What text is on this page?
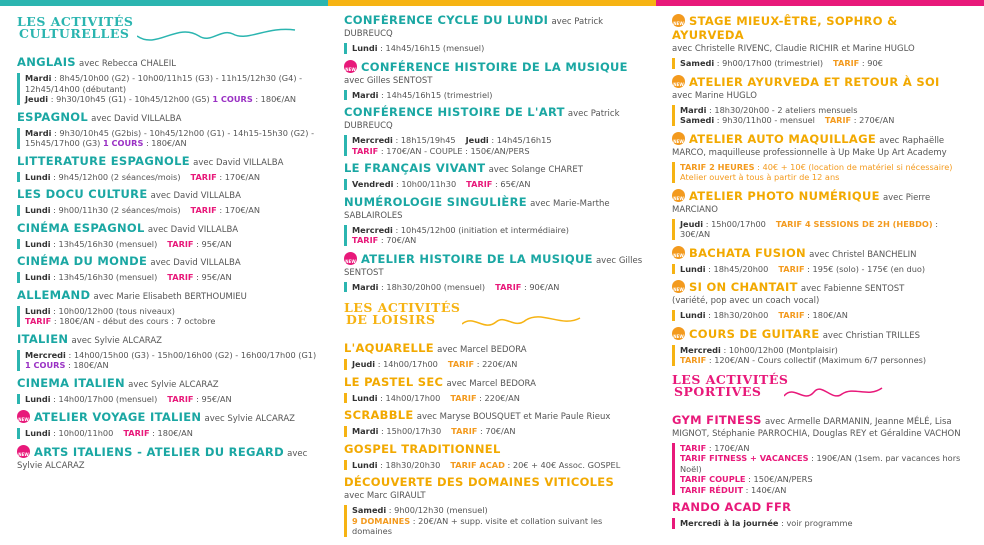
LES ACTIVITÉS
CULTURELLES
ANGLAIS avec Rebecca CHALEIL
Mardi : 8h45/10h00 (G2) - 10h00/11h15 (G3) - 11h15/12h30 (G4) - 12h45/14h00 (débutant)
Jeudi : 9h30/10h45 (G1) - 10h45/12h00 (G5) 1 COURS : 180€/AN
ESPAGNOL avec David VILLALBA
Mardi : 9h30/10h45 (G2bis) - 10h45/12h00 (G1) - 14h15-15h30 (G2) - 15h45/17h00 (G3) 1 COURS : 180€/AN
LITTERATURE ESPAGNOLE avec David VILLALBA
Lundi : 9h45/12h00 (2 séances/mois) TARIF : 170€/AN
LES DOCU CULTURE avec David VILLALBA
Lundi : 9h00/11h30 (2 séances/mois) TARIF : 170€/AN
CINÉMA ESPAGNOL avec David VILLALBA
Lundi : 13h45/16h30 (mensuel) TARIF : 95€/AN
CINÉMA DU MONDE avec David VILLALBA
Lundi : 13h45/16h30 (mensuel) TARIF : 95€/AN
ALLEMAND avec Marie Elisabeth BERTHOUMIEU
Lundi : 10h00/12h00 (tous niveaux)
TARIF : 180€/AN - début des cours : 7 octobre
ITALIEN avec Sylvie ALCARAZ
Mercredi : 14h00/15h00 (G3) - 15h00/16h00 (G2) - 16h00/17h00 (G1)
1 COURS : 180€/AN
CINEMA ITALIEN avec Sylvie ALCARAZ
Lundi : 14h00/17h00 (mensuel) TARIF : 95€/AN
NEWATELIER VOYAGE ITALIEN avec Sylvie ALCARAZ
Lundi : 10h00/11h00 TARIF : 180€/AN
NEWARTS ITALIENS - ATELIER DU REGARD avec Sylvie ALCARAZ
CONFÉRENCE CYCLE DU LUNDI avec Patrick DUBREUCQ
Lundi : 14h45/16h15 (mensuel)
NEWCONFÉRENCE HISTOIRE DE LA MUSIQUE avec Gilles SENTOST
Mardi : 14h45/16h15 (trimestriel)
CONFÉRENCE HISTOIRE DE L'ART avec Patrick DUBREUCQ
Mercredi : 18h15/19h45 Jeudi : 14h45/16h15
TARIF : 170€/AN - COUPLE : 150€/AN/PERS
LE FRANÇAIS VIVANT avec Solange CHARET
Vendredi : 10h00/11h30 TARIF : 65€/AN
NUMÉROLOGIE SINGULIÈRE avec Marie-Marthe SABLAIROLES
Mercredi : 10h45/12h00 (initiation et intermédiaire)
TARIF : 70€/AN
NEWATELIER HISTOIRE DE LA MUSIQUE avec Gilles SENTOST
Mardi : 18h30/20h00 (mensuel) TARIF : 90€/AN
LES ACTIVITÉS
DE LOISIRS
L'AQUARELLE avec Marcel BEDORA
Jeudi : 14h00/17h00 TARIF : 220€/AN
LE PASTEL SEC avec Marcel BEDORA
Lundi : 14h00/17h00 TARIF : 220€/AN
SCRABBLE avec Maryse BOUSQUET et Marie Paule Rieux
Mardi : 15h00/17h30 TARIF : 70€/AN
GOSPEL TRADITIONNEL
Lundi : 18h30/20h30 TARIF ACAD : 20€ + 40€ Assoc. GOSPEL
DÉCOUVERTE DES DOMAINES VITICOLES
avec Marc GIRAULT
Samedi : 9h00/12h30 (mensuel)
9 DOMAINES : 20€/AN + supp. visite et collation suivant les domaines
NEWSTAGE MIEUX-ÊTRE, SOPHRO & AYURVEDA
avec Christelle RIVENC, Claudie RICHIR et Marine HUGLO
Samedi : 9h00/17h00 (trimestriel) TARIF : 90€
NEWATELIER AYURVEDA ET RETOUR À SOI
avec Marine HUGLO
Mardi : 18h30/20h00 - 2 ateliers mensuels
Samedi : 9h30/11h00 - mensuel TARIF : 270€/AN
NEWATELIER AUTO MAQUILLAGE avec Raphaëlle MARCO, maquilleuse professionnelle à Up Make Up Art Academy
TARIF 2 HEURES : 40€ + 10€ (location de matériel si nécessaire)
Atelier ouvert à tous à partir de 12 ans
NEWATELIER PHOTO NUMÉRIQUE avec Pierre MARCIANO
Jeudi : 15h00/17h00 TARIF 4 SESSIONS DE 2H (HEBDO) : 30€/AN
NEWBACHATA FUSION avec Christel BANCHELIN
Lundi : 18h45/20h00 TARIF : 195€ (solo) - 175€ (en duo)
NEWSI ON CHANTAIT avec Fabienne SENTOST
(variété, pop avec un coach vocal)
Lundi : 18h30/20h00 TARIF : 180€/AN
NEWCOURS DE GUITARE avec Christian TRILLES
Mercredi : 10h00/12h00 (Montplaisir)
TARIF : 120€/AN - Cours collectif (Maximum 6/7 personnes)
LES ACTIVITÉS
SPORTIVES
GYM FITNESS avec Armelle DARMANIN, Jeanne MÉLÉ, Lisa MIGNOT, Stéphanie PARROCHIA, Douglas REY et Géraldine VACHON
TARIF : 170€/AN
TARIF FITNESS + VACANCES : 190€/AN (1sem. par vacances hors Noël)
TARIF COUPLE : 150€/AN/PERS
TARIF RÉDUIT : 140€/AN
RANDO ACAD FFR
Mercredi à la journée : voir programme
